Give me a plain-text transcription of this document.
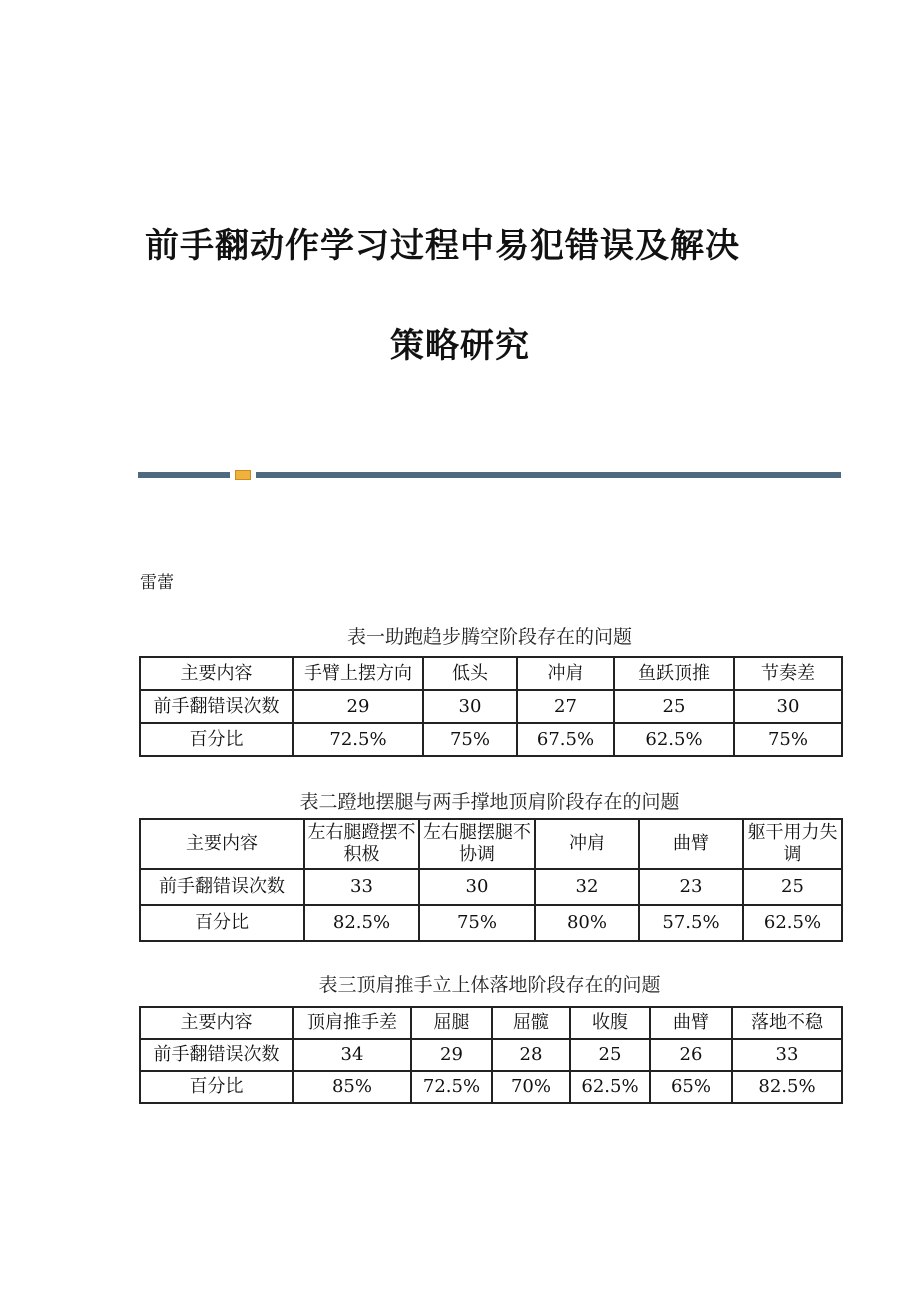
前手翻动作学习过程中易犯错误及解决
策略研究
雷蕾
表一助跑趋步腾空阶段存在的问题
主要内容	手臂上摆方向	低头	冲肩	鱼跃顶推	节奏差
前手翻错误次数	29	30	27	25	30
百分比	72.5%	75%	67.5%	62.5%	75%
表二蹬地摆腿与两手撑地顶肩阶段存在的问题
主要内容	左右腿蹬摆不积极	左右腿摆腿不协调	冲肩	曲臂	躯干用力失调
前手翻错误次数	33	30	32	23	25
百分比	82.5%	75%	80%	57.5%	62.5%
表三顶肩推手立上体落地阶段存在的问题
主要内容	顶肩推手差	屈腿	屈髋	收腹	曲臂	落地不稳
前手翻错误次数	34	29	28	25	26	33
百分比	85%	72.5%	70%	62.5%	65%	82.5%
